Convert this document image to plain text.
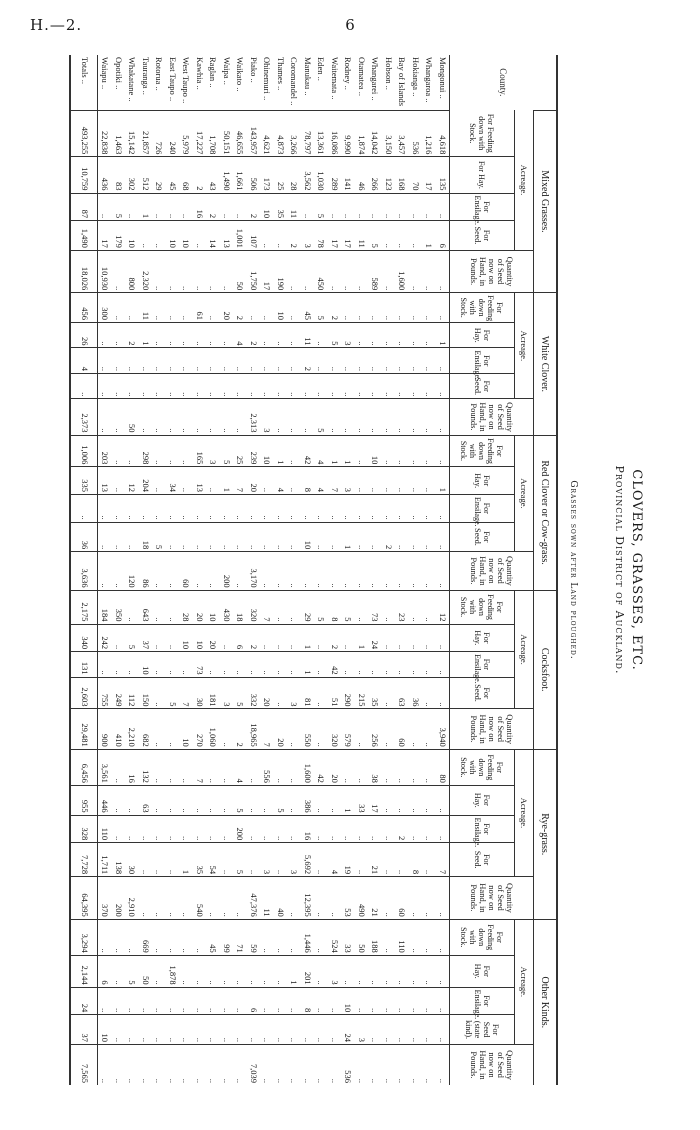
H.—2.	6
CLOVERS, GRASSES, ETC.
Provincial District of Auckland.
Grasses sown after Land ploughed.
County.	Mixed Grasses.					White Clover.					Red Clover or Cow-grass.					Cocksfoot.					Rye-grass.					Other Kinds.				
	Acreage.				Quantity of Seed now on Hand, in Pounds.	Acreage.				Quantity of Seed now on Hand, in Pounds.	Acreage.				Quantity of Seed now on Hand, in Pounds.	Acreage.				Quantity of Seed now on Hand, in Pounds.	Acreage.				Quantity of Seed now on Hand, in Pounds.	Acreage.				Quantity of Seed now on Hand, in Pounds.
	For Feeding down with Stock.	For Hay.	For Ensilage.	For Seed.		For Feeding down with Stock.	For Hay.	For Ensilage.	For Seed.		For Feeding down with Stock.	For Hay.	For Ensilage.	For Seed.		For Feeding down with Stock.	For Hay.	For Ensilage.	For Seed.		For Feeding down with Stock.	For Hay.	For Ensilage.	For Seed.		For Feeding down with Stock.	For Hay.	For Ensilage.	For Seed (state kind).	
Mongonui ..	4,618	135	..	6	..	..	1	..	..	..	..	1	..	..	..	12	..	..	..	3,940	80	..	..	7	..	..	..	..	..	..
Whangaroa ..	1,216	17	..	1	..	..	..	..	..	..	..	..	..	..	..	..	..	..	..	..	..	..	..	..	..	..	..	..	..	..
Hokianga ..	536	70	..	..	..	..	..	..	..	..	..	..	..	..	..	..	..	..	36	..	..	..	..	8	..	..	..	..	..	..
Bay of Islands	3,457	168	..	..	1,600	..	..	..	..	..	..	..	..	..	..	23	..	..	63	60	..	..	2	..	60	110	..	..	..	..
Hobson ..	3,150	123	..	..	..	..	..	..	..	..	..	..	..	2	..	..	..	..	..	..	..	..	..	..	..	..	..	..	..	..
Whangarei ..	14,042	266	..	5	589	..	..	..	..	..	10	..	..	..	..	73	24	..	35	256	38	17	..	21	21	188	..	..	..	..
Otamatea ..	1,874	46	..	11	..	..	..	..	..	..	..	..	..	..	..	..	1	..	215	..	..	33	..	..	490	50	..	..	3	..
Rodney ..	9,990	141	..	17	..	..	3	..	..	..	1	3	..	1	..	5	..	..	290	579	..	1	..	19	53	33	..	10	24	536
Waitemata ..	16,086	289	..	17	..	2	5	..	..	..	1	7	..	..	..	8	2	42	51	320	20	..	..	4	..	524	3	..	..	..
Eden ..	13,361	1,030	5	78	450	5	..	..	..	5	4	4	..	..	..	5	..	..	..	..	42	..	..	..	..	..	..	..	..	..
Manukau ..	78,797	3,562	..	3	..	45	11	2	..	..	42	8	..	10	..	29	1	1	81	550	1,600	386	16	5,692	12,395	1,446	201	8	..	..
Coromandel ..	3,266	28	11	2	..	..	..	..	..	..	..	..	..	..	..	..	..	..	3	..	..	..	..	3	..	..	1	..	..	..
Thames ..	4,873	25	35	..	190	10	..	..	..	..	1	4	..	..	..	..	..	..	..	20	..	5	..	..	40	..	..	..	..	..
Ohinemuri ..	4,621	173	10	..	17	..	..	..	..	3	10	..	..	..	..	7	..	..	20	7	556	..	..	3	11	..	..	..	..	..
Piako ..	143,957	506	2	107	1,750	..	2	..	..	2,313	239	20	..	..	3,170	320	2	..	332	18,965	..	..	..	..	47,376	59	..	6	..	7,039
Waikato ..	46,655	1,661	..	1,001	50	2	4	..	..	..	25	7	..	..	..	18	6	..	5	2	4	5	200	5	..	71	..	..	..	..
Waipa ..	50,151	1,490	..	13	..	20	..	..	..	..	5	1	..	..	200	430	..	..	3	..	..	..	..	..	..	99	..	..	..	..
Raglan ..	1,708	43	2	14	..	..	..	..	..	..	3	..	..	..	..	10	20	..	181	1,060	..	..	..	54	..	45	..	..	..	..
Kawhia ..	17,227	2	16	..	..	61	..	..	..	..	165	13	..	..	..	20	10	73	30	270	7	..	..	35	540	..	..	..	..	..
West Taupo ..	5,979	68	..	10	..	..	..	..	..	..	..	..	..	..	60	28	10	..	7	10	..	..	..	1	..	..	..	..	..	..
East Taupo ..	240	45	..	10	..	..	..	..	..	..	..	34	..	..	..	..	..	..	5	..	..	..	..	..	..	..	1,878	..	..	..
Rotorua ..	726	29	..	..	..	..	..	..	..	..	..	..	..	5	..	..	..	..	..	..	..	..	..	..	..	..	..	..	..	..
Tauranga ..	21,857	512	1	..	2,320	11	1	..	..	..	298	204	..	18	86	643	37	10	150	682	132	63	..	..	..	669	50	..	..	..
Whakatane ..	15,142	302	..	10	800	..	2	..	..	50	..	12	..	..	120	..	5	..	112	2,210	16	..	..	30	2,910	..	5	..	..	..
Opotiki ..	1,463	83	5	179	..	..	..	..	..	..	..	..	..	..	..	350	..	..	249	410	..	..	..	138	200	..	..	..	..	..
Waiapu ..	22,838	436	..	17	10,930	300	..	..	..	..	203	13	..	..	..	184	242	..	755	900	3,561	446	110	1,711	370	..	6	..	10	..
Totals ..	493,255	10,759	87	1,490	18,026	456	26	4	..	2,373	1,006	335	..	36	3,636	2,175	340	131	2,603	29,481	6,456	955	328	7,728	64,395	3,294	2,144	24	37	7,565
